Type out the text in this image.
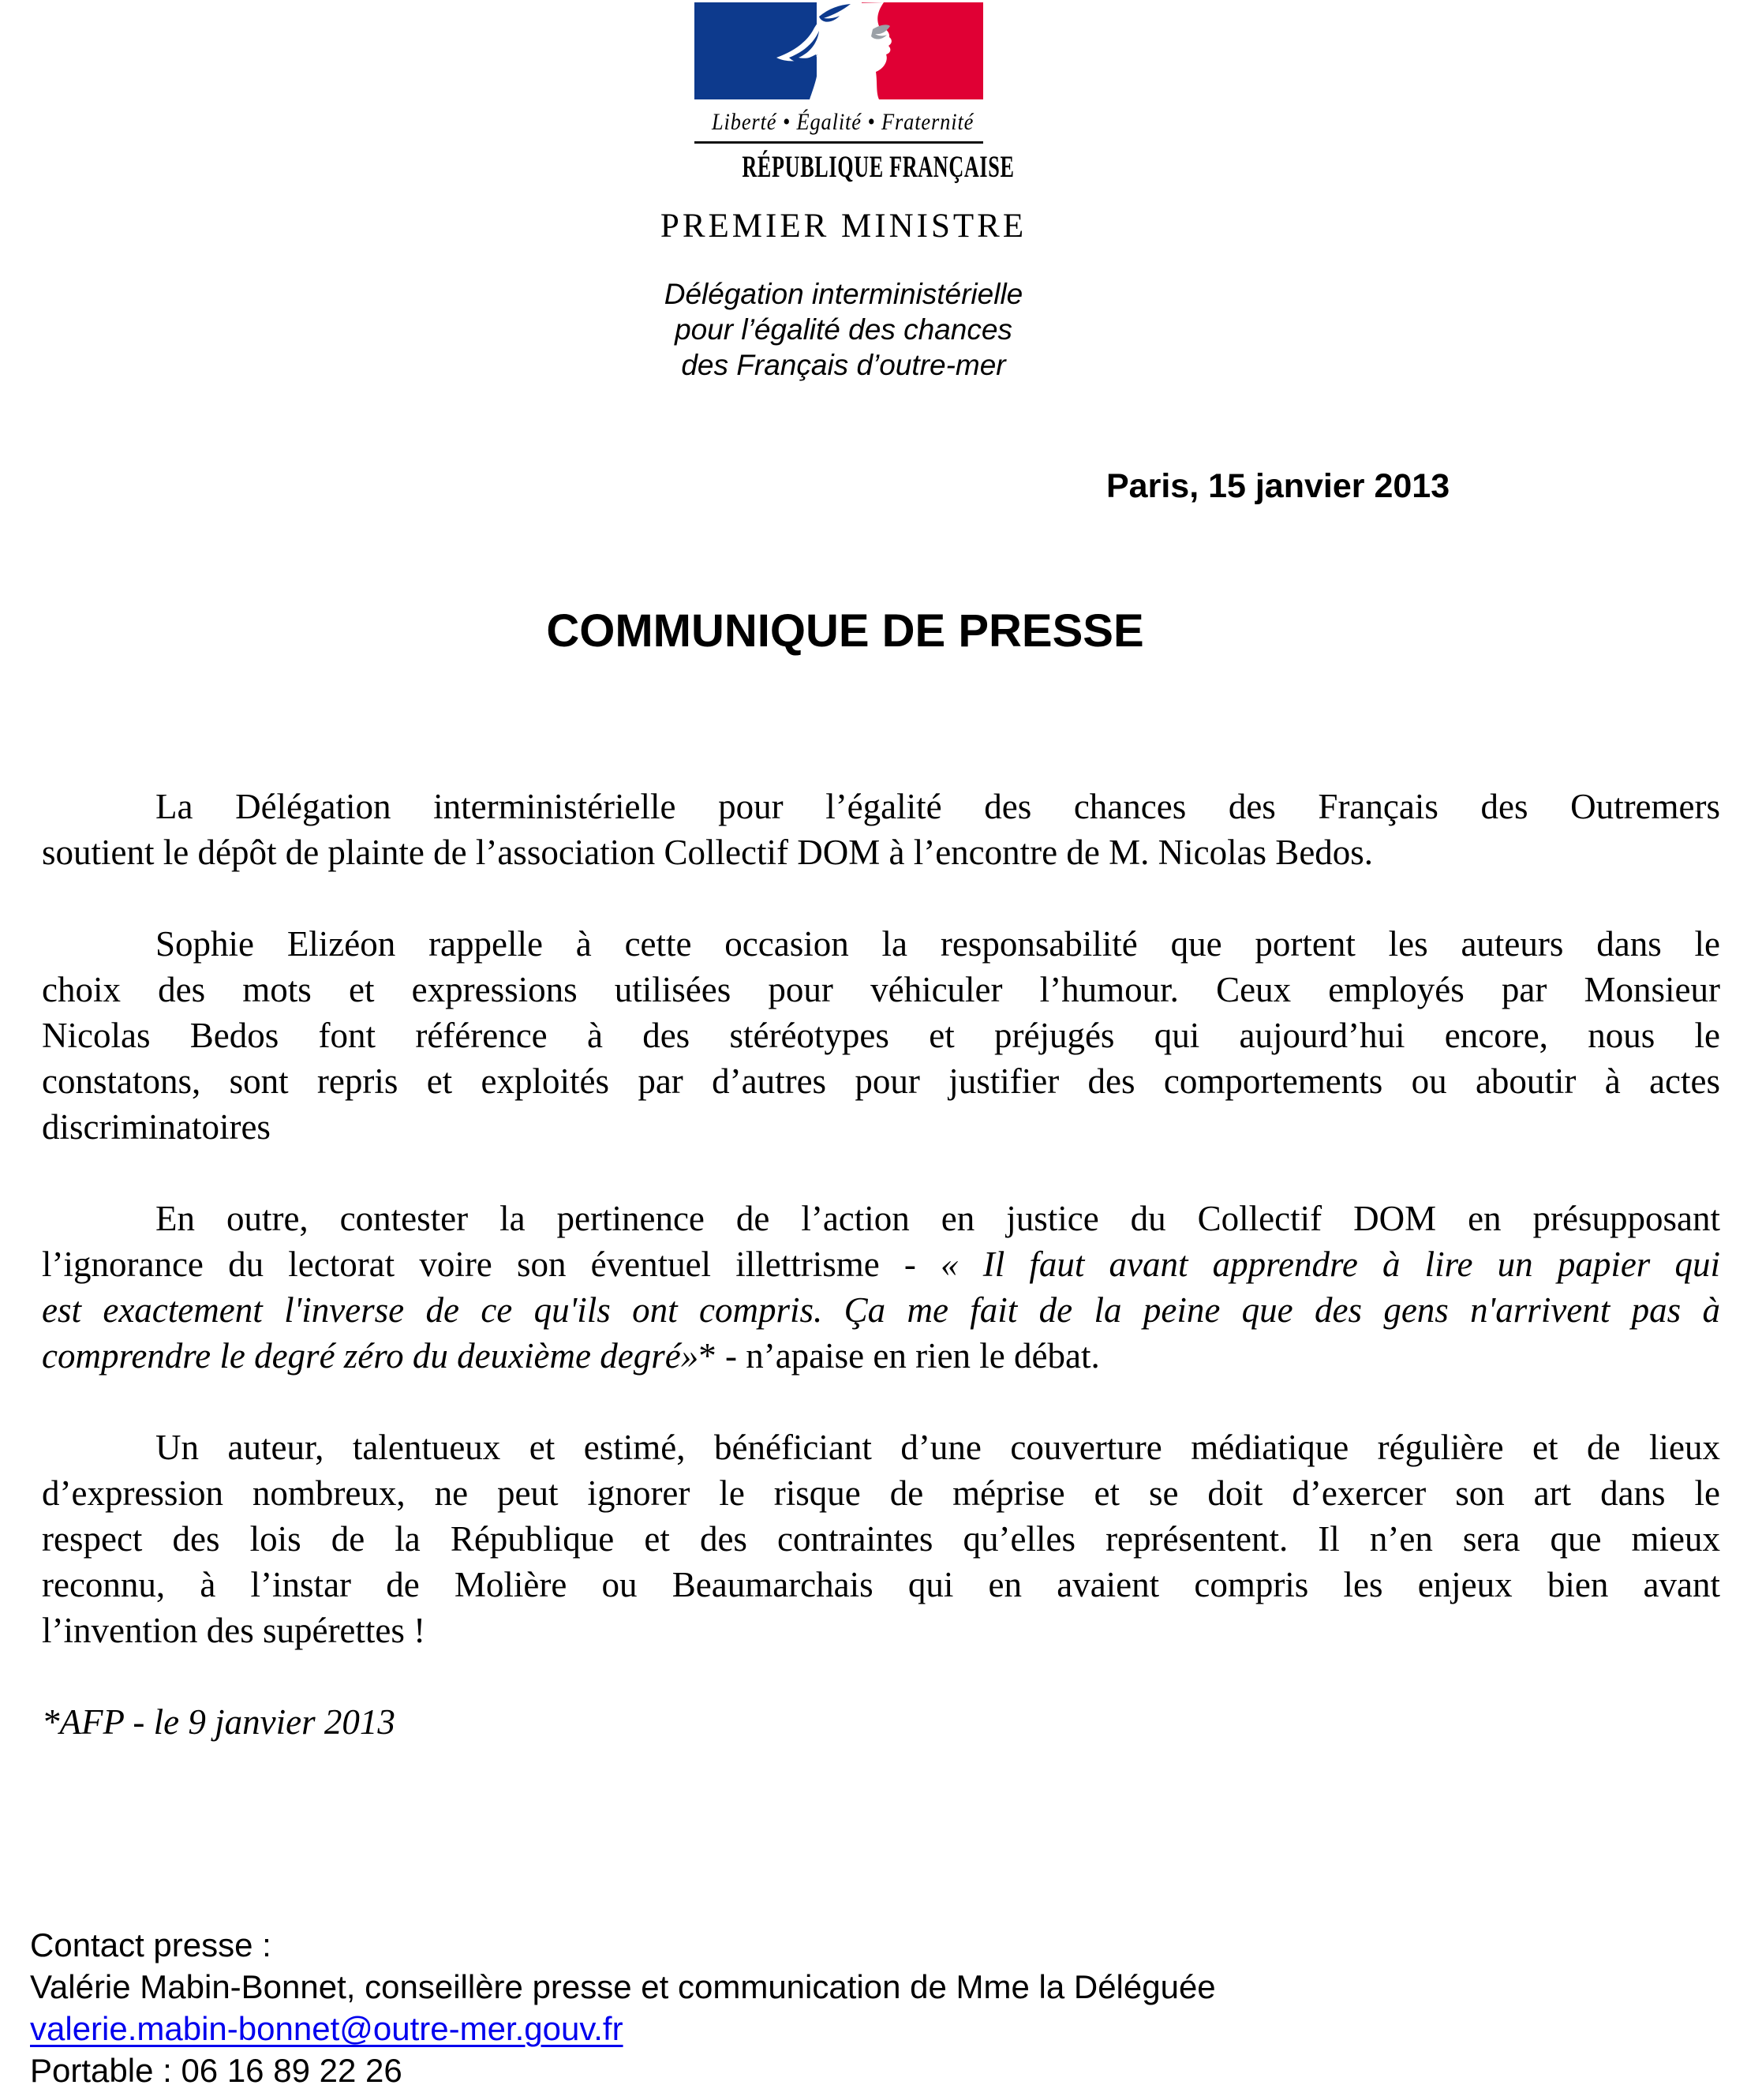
Liberté • Égalité • Fraternité
RÉPUBLIQUE FRANÇAISE
PREMIER MINISTRE
Délégation interministérielle
pour l’égalité des chances
des Français d’outre-mer
Paris, 15 janvier 2013
COMMUNIQUE DE PRESSE

La Délégation interministérielle pour l’égalité des chances des Français des Outremers
soutient le dépôt de plainte de l’association Collectif DOM à l’encontre de M. Nicolas Bedos.

Sophie Elizéon rappelle à cette occasion la responsabilité que portent les auteurs dans le
choix des mots et expressions utilisées pour véhiculer l’humour. Ceux employés par Monsieur
Nicolas Bedos font référence à des stéréotypes et préjugés qui aujourd’hui encore, nous le
constatons, sont repris et exploités par d’autres pour justifier des comportements ou aboutir à actes
discriminatoires

En outre, contester la pertinence de l’action en justice du Collectif DOM en présupposant
l’ignorance du lectorat voire son éventuel illettrisme - « Il faut avant apprendre à lire un papier qui
est exactement l'inverse de ce qu'ils ont compris. Ça me fait de la peine que des gens n'arrivent pas à
comprendre le degré zéro du deuxième degré»* - n’apaise en rien le débat.

Un auteur, talentueux et estimé, bénéficiant d’une couverture médiatique régulière et de lieux
d’expression nombreux, ne peut ignorer le risque de méprise et se doit d’exercer son art dans le
respect des lois de la République et des contraintes qu’elles représentent. Il n’en sera que mieux
reconnu, à l’instar de Molière ou Beaumarchais qui en avaient compris les enjeux bien avant
l’invention des supérettes !

*AFP - le 9 janvier 2013

Contact presse :
Valérie Mabin-Bonnet, conseillère presse et communication de Mme la Déléguée
valerie.mabin-bonnet@outre-mer.gouv.fr
Portable : 06 16 89 22 26
